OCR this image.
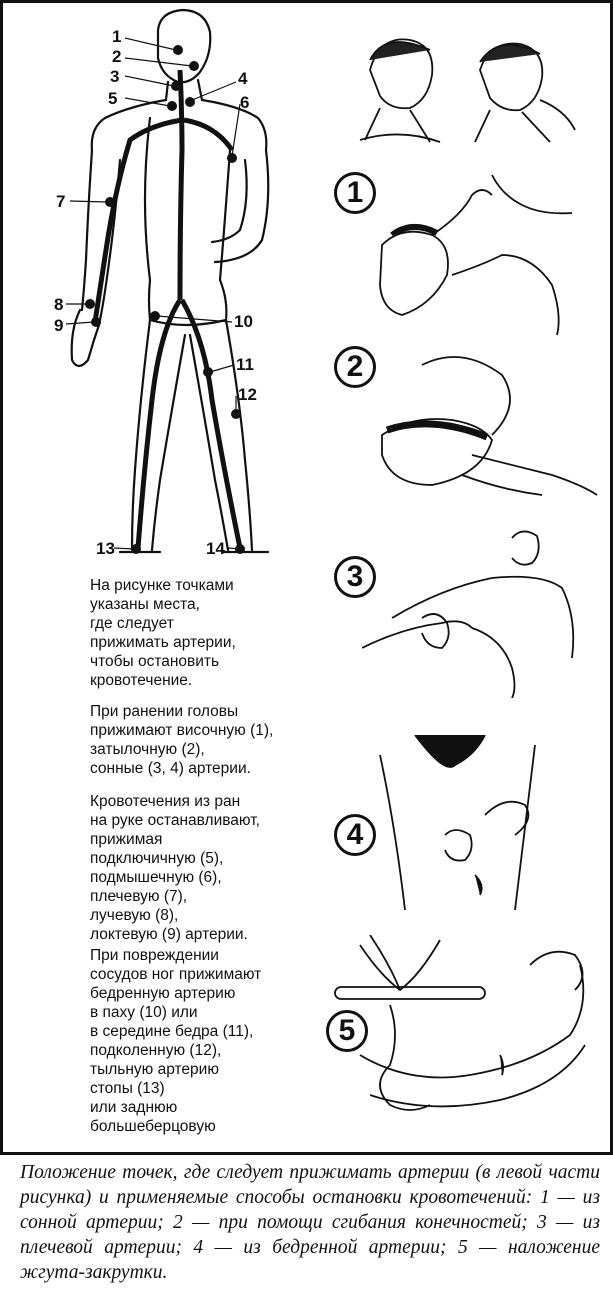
1
2
3	4
5	6
7
8
9	10
11
12
13	14
1
2
3
4
5

На рисунке точками

указаны места,

где следует

прижимать артерии,

чтобы остановить

кровотечение.

При ранении головы

прижимают височную (1),

затылочную (2),

сонные (3, 4) артерии.

Кровотечения из ран

на руке останавливают,

прижимая

подключичную (5),

подмышечную (6),

плечевую (7),

лучевую (8),

локтевую (9) артерии.

При повреждении

сосудов ног прижимают

бедренную артерию

в паху (10) или

в середине бедра (11),

подколенную (12),

тыльную артерию

стопы (13)

или заднюю

большеберцовую

Положение точек, где следует прижимать артерии (в левой части рисунка) и применяемые способы остановки кровотечений: 1 — из сонной артерии; 2 — при помощи сгибания конечностей; 3 — из плечевой артерии; 4 — из бедренной артерии; 5 — наложение жгута-закрутки.
